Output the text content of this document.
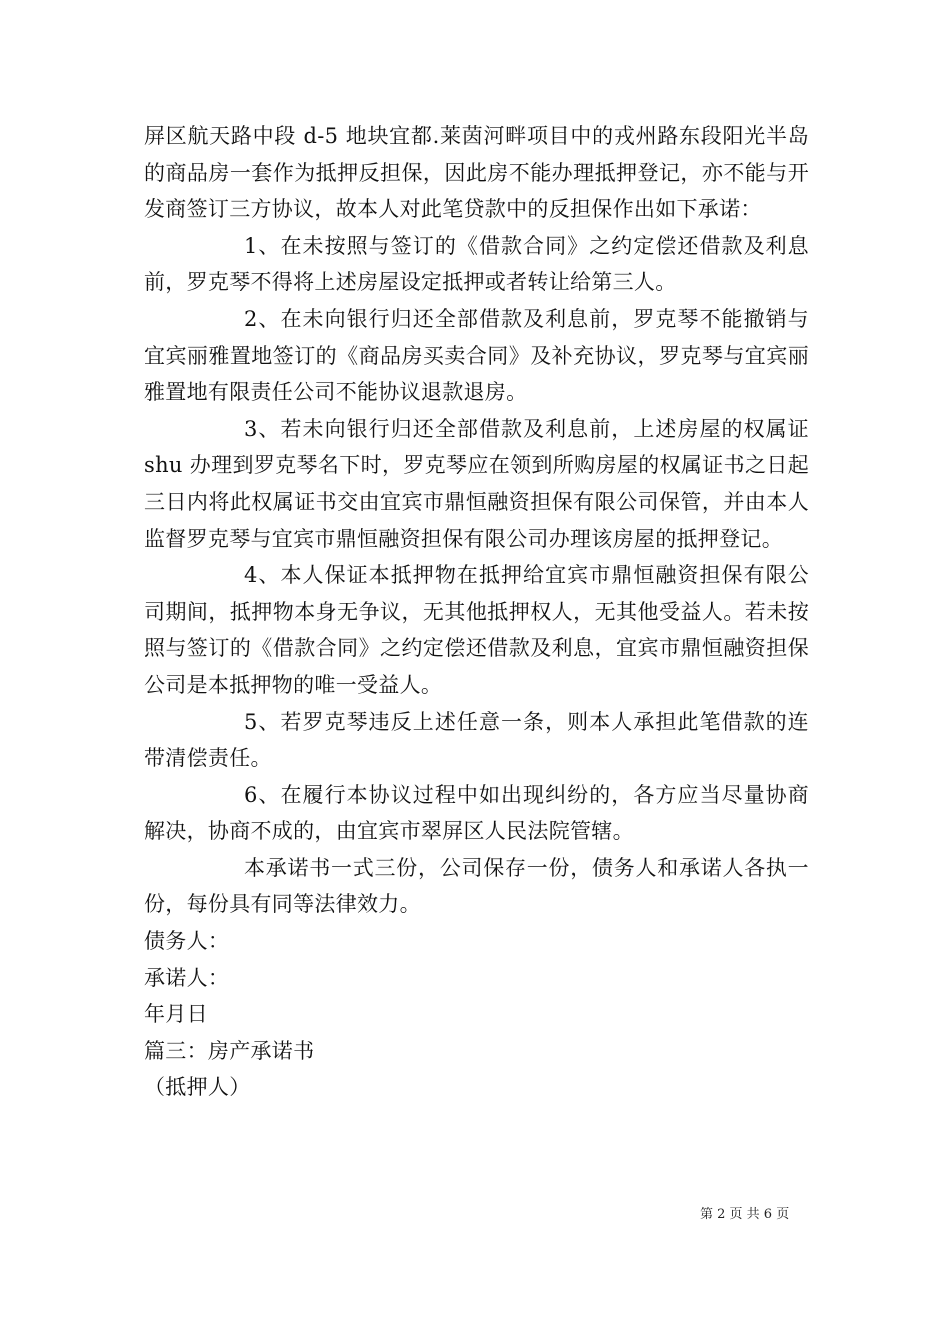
屏区航天路中段 d-5 地块宜都.莱茵河畔项目中的戎州路东段阳光半岛的商品房一套作为抵押反担保，因此房不能办理抵押登记，亦不能与开发商签订三方协议，故本人对此笔贷款中的反担保作出如下承诺：

1、在未按照与签订的《借款合同》之约定偿还借款及利息前，罗克琴不得将上述房屋设定抵押或者转让给第三人。

2、在未向银行归还全部借款及利息前，罗克琴不能撤销与宜宾丽雅置地签订的《商品房买卖合同》及补充协议，罗克琴与宜宾丽雅置地有限责任公司不能协议退款退房。

3、若未向银行归还全部借款及利息前，上述房屋的权属证 shu 办理到罗克琴名下时，罗克琴应在领到所购房屋的权属证书之日起三日内将此权属证书交由宜宾市鼎恒融资担保有限公司保管，并由本人监督罗克琴与宜宾市鼎恒融资担保有限公司办理该房屋的抵押登记。

4、本人保证本抵押物在抵押给宜宾市鼎恒融资担保有限公司期间，抵押物本身无争议，无其他抵押权人，无其他受益人。若未按照与签订的《借款合同》之约定偿还借款及利息，宜宾市鼎恒融资担保公司是本抵押物的唯一受益人。

5、若罗克琴违反上述任意一条，则本人承担此笔借款的连带清偿责任。

6、在履行本协议过程中如出现纠纷的，各方应当尽量协商解决，协商不成的，由宜宾市翠屏区人民法院管辖。

本承诺书一式三份，公司保存一份，债务人和承诺人各执一份，每份具有同等法律效力。

债务人：

承诺人：

年月日

篇三：房产承诺书

（抵押人）

第 2 页 共 6 页
